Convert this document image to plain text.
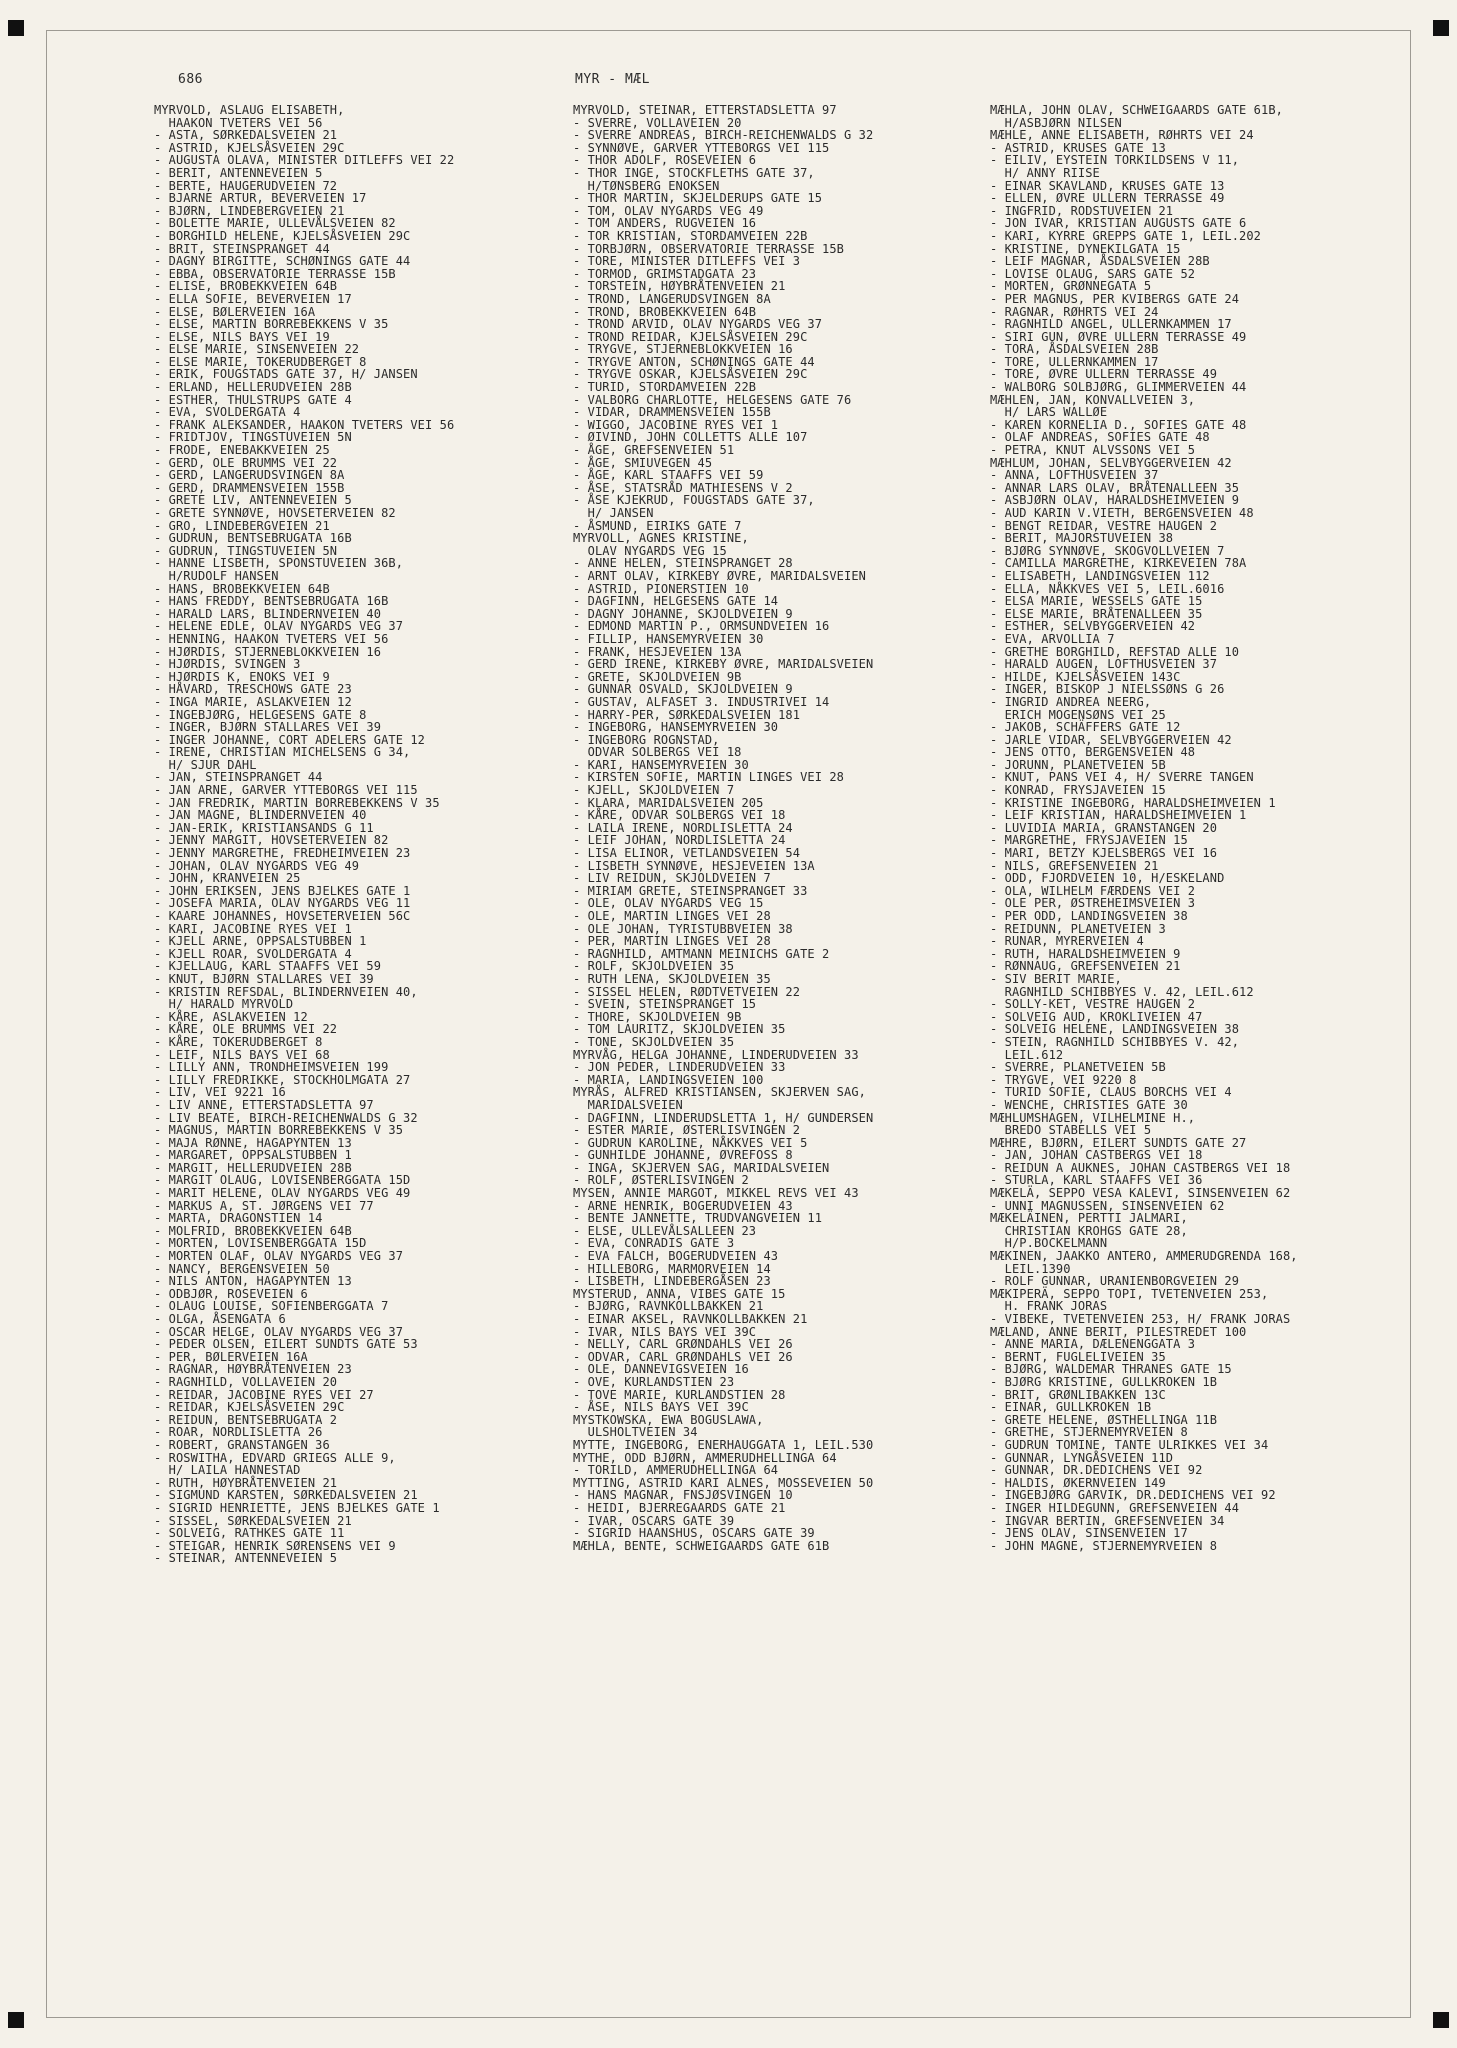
686	MYR - MÆL
MYRVOLD, ASLAUG ELISABETH,
HAAKON TVETERS VEI 56
- ASTA, SØRKEDALSVEIEN 21
- ASTRID, KJELSÅSVEIEN 29C
- AUGUSTA OLAVA, MINISTER DITLEFFS VEI 22
- BERIT, ANTENNEVEIEN 5
- BERTE, HAUGERUDVEIEN 72
- BJARNE ARTUR, BEVERVEIEN 17
- BJØRN, LINDEBERGVEIEN 21
- BOLETTE MARIE, ULLEVÅLSVEIEN 82
- BORGHILD HELENE, KJELSÅSVEIEN 29C
- BRIT, STEINSPRANGET 44
- DAGNY BIRGITTE, SCHØNINGS GATE 44
- EBBA, OBSERVATORIE TERRASSE 15B
- ELISE, BROBEKKVEIEN 64B
- ELLA SOFIE, BEVERVEIEN 17
- ELSE, BØLERVEIEN 16A
- ELSE, MARTIN BORREBEKKENS V 35
- ELSE, NILS BAYS VEI 19
- ELSE MARIE, SINSENVEIEN 22
- ELSE MARIE, TOKERUDBERGET 8
- ERIK, FOUGSTADS GATE 37, H/ JANSEN
- ERLAND, HELLERUDVEIEN 28B
- ESTHER, THULSTRUPS GATE 4
- EVA, SVOLDERGATA 4
- FRANK ALEKSANDER, HAAKON TVETERS VEI 56
- FRIDTJOV, TINGSTUVEIEN 5N
- FRODE, ENEBAKKVEIEN 25
- GERD, OLE BRUMMS VEI 22
- GERD, LANGERUDSVINGEN 8A
- GERD, DRAMMENSVEIEN 155B
- GRETE LIV, ANTENNEVEIEN 5
- GRETE SYNNØVE, HOVSETERVEIEN 82
- GRO, LINDEBERGVEIEN 21
- GUDRUN, BENTSEBRUGATA 16B
- GUDRUN, TINGSTUVEIEN 5N
- HANNE LISBETH, SPONSTUVEIEN 36B,
H/RUDOLF HANSEN
- HANS, BROBEKKVEIEN 64B
- HANS FREDDY, BENTSEBRUGATA 16B
- HARALD LARS, BLINDERNVEIEN 40
- HELENE EDLE, OLAV NYGARDS VEG 37
- HENNING, HAAKON TVETERS VEI 56
- HJØRDIS, STJERNEBLOKKVEIEN 16
- HJØRDIS, SVINGEN 3
- HJØRDIS K, ENOKS VEI 9
- HÅVARD, TRESCHOWS GATE 23
- INGA MARIE, ASLAKVEIEN 12
- INGEBJØRG, HELGESENS GATE 8
- INGER, BJØRN STALLARES VEI 39
- INGER JOHANNE, CORT ADELERS GATE 12
- IRENE, CHRISTIAN MICHELSENS G 34,
H/ SJUR DAHL
- JAN, STEINSPRANGET 44
- JAN ARNE, GARVER YTTEBORGS VEI 115
- JAN FREDRIK, MARTIN BORREBEKKENS V 35
- JAN MAGNE, BLINDERNVEIEN 40
- JAN-ERIK, KRISTIANSANDS G 11
- JENNY MARGIT, HOVSETERVEIEN 82
- JENNY MARGRETHE, FREDHEIMVEIEN 23
- JOHAN, OLAV NYGARDS VEG 49
- JOHN, KRANVEIEN 25
- JOHN ERIKSEN, JENS BJELKES GATE 1
- JOSEFA MARIA, OLAV NYGARDS VEG 11
- KAARE JOHANNES, HOVSETERVEIEN 56C
- KARI, JACOBINE RYES VEI 1
- KJELL ARNE, OPPSALSTUBBEN 1
- KJELL ROAR, SVOLDERGATA 4
- KJELLAUG, KARL STAAFFS VEI 59
- KNUT, BJØRN STALLARES VEI 39
- KRISTIN REFSDAL, BLINDERNVEIEN 40,
H/ HARALD MYRVOLD
- KÅRE, ASLAKVEIEN 12
- KÅRE, OLE BRUMMS VEI 22
- KÅRE, TOKERUDBERGET 8
- LEIF, NILS BAYS VEI 68
- LILLY ANN, TRONDHEIMSVEIEN 199
- LILLY FREDRIKKE, STOCKHOLMGATA 27
- LIV, VEI 9221 16
- LIV ANNE, ETTERSTADSLETTA 97
- LIV BEATE, BIRCH-REICHENWALDS G 32
- MAGNUS, MARTIN BORREBEKKENS V 35
- MAJA RØNNE, HAGAPYNTEN 13
- MARGARET, OPPSALSTUBBEN 1
- MARGIT, HELLERUDVEIEN 28B
- MARGIT OLAUG, LOVISENBERGGATA 15D
- MARIT HELENE, OLAV NYGARDS VEG 49
- MARKUS A, ST. JØRGENS VEI 77
- MARTA, DRAGONSTIEN 14
- MOLFRID, BROBEKKVEIEN 64B
- MORTEN, LOVISENBERGGATA 15D
- MORTEN OLAF, OLAV NYGARDS VEG 37
- NANCY, BERGENSVEIEN 50
- NILS ANTON, HAGAPYNTEN 13
- ODBJØR, ROSEVEIEN 6
- OLAUG LOUISE, SOFIENBERGGATA 7
- OLGA, ÅSENGATA 6
- OSCAR HELGE, OLAV NYGARDS VEG 37
- PEDER OLSEN, EILERT SUNDTS GATE 53
- PER, BØLERVEIEN 16A
- RAGNAR, HØYBRÅTENVEIEN 23
- RAGNHILD, VOLLAVEIEN 20
- REIDAR, JACOBINE RYES VEI 27
- REIDAR, KJELSÅSVEIEN 29C
- REIDUN, BENTSEBRUGATA 2
- ROAR, NORDLISLETTA 26
- ROBERT, GRANSTANGEN 36
- ROSWITHA, EDVARD GRIEGS ALLE 9,
H/ LAILA HANNESTAD
- RUTH, HØYBRÅTENVEIEN 21
- SIGMUND KARSTEN, SØRKEDALSVEIEN 21
- SIGRID HENRIETTE, JENS BJELKES GATE 1
- SISSEL, SØRKEDALSVEIEN 21
- SOLVEIG, RATHKES GATE 11
- STEIGAR, HENRIK SØRENSENS VEI 9
- STEINAR, ANTENNEVEIEN 5
MYRVOLD, STEINAR, ETTERSTADSLETTA 97
- SVERRE, VOLLAVEIEN 20
- SVERRE ANDREAS, BIRCH-REICHENWALDS G 32
- SYNNØVE, GARVER YTTEBORGS VEI 115
- THOR ADOLF, ROSEVEIEN 6
- THOR INGE, STOCKFLETHS GATE 37,
H/TØNSBERG ENOKSEN
- THOR MARTIN, SKJELDERUPS GATE 15
- TOM, OLAV NYGARDS VEG 49
- TOM ANDERS, RUGVEIEN 16
- TOR KRISTIAN, STORDAMVEIEN 22B
- TORBJØRN, OBSERVATORIE TERRASSE 15B
- TORE, MINISTER DITLEFFS VEI 3
- TORMOD, GRIMSTADGATA 23
- TORSTEIN, HØYBRÅTENVEIEN 21
- TROND, LANGERUDSVINGEN 8A
- TROND, BROBEKKVEIEN 64B
- TROND ARVID, OLAV NYGARDS VEG 37
- TROND REIDAR, KJELSÅSVEIEN 29C
- TRYGVE, STJERNEBLOKKVEIEN 16
- TRYGVE ANTON, SCHØNINGS GATE 44
- TRYGVE OSKAR, KJELSÅSVEIEN 29C
- TURID, STORDAMVEIEN 22B
- VALBORG CHARLOTTE, HELGESENS GATE 76
- VIDAR, DRAMMENSVEIEN 155B
- WIGGO, JACOBINE RYES VEI 1
- ØIVIND, JOHN COLLETTS ALLE 107
- ÅGE, GREFSENVEIEN 51
- ÅGE, SMIUVEGEN 45
- ÅGE, KARL STAAFFS VEI 59
- ÅSE, STATSRÅD MATHIESENS V 2
- ÅSE KJEKRUD, FOUGSTADS GATE 37,
H/ JANSEN
- ÅSMUND, EIRIKS GATE 7
MYRVOLL, AGNES KRISTINE,
OLAV NYGARDS VEG 15
- ANNE HELEN, STEINSPRANGET 28
- ARNT OLAV, KIRKEBY ØVRE, MARIDALSVEIEN
- ASTRID, PIONERSTIEN 10
- DAGFINN, HELGESENS GATE 14
- DAGNY JOHANNE, SKJOLDVEIEN 9
- EDMOND MARTIN P., ORMSUNDVEIEN 16
- FILLIP, HANSEMYRVEIEN 30
- FRANK, HESJEVEIEN 13A
- GERD IRENE, KIRKEBY ØVRE, MARIDALSVEIEN
- GRETE, SKJOLDVEIEN 9B
- GUNNAR OSVALD, SKJOLDVEIEN 9
- GUSTAV, ALFASET 3. INDUSTRIVEI 14
- HARRY-PER, SØRKEDALSVEIEN 181
- INGEBORG, HANSEMYRVEIEN 30
- INGEBORG ROGNSTAD,
ODVAR SOLBERGS VEI 18
- KARI, HANSEMYRVEIEN 30
- KIRSTEN SOFIE, MARTIN LINGES VEI 28
- KJELL, SKJOLDVEIEN 7
- KLARA, MARIDALSVEIEN 205
- KÅRE, ODVAR SOLBERGS VEI 18
- LAILA IRENE, NORDLISLETTA 24
- LEIF JOHAN, NORDLISLETTA 24
- LISA ELINOR, VETLANDSVEIEN 54
- LISBETH SYNNØVE, HESJEVEIEN 13A
- LIV REIDUN, SKJOLDVEIEN 7
- MIRIAM GRETE, STEINSPRANGET 33
- OLE, OLAV NYGARDS VEG 15
- OLE, MARTIN LINGES VEI 28
- OLE JOHAN, TYRISTUBBVEIEN 38
- PER, MARTIN LINGES VEI 28
- RAGNHILD, AMTMANN MEINICHS GATE 2
- ROLF, SKJOLDVEIEN 35
- RUTH LENA, SKJOLDVEIEN 35
- SISSEL HELEN, RØDTVETVEIEN 22
- SVEIN, STEINSPRANGET 15
- THORE, SKJOLDVEIEN 9B
- TOM LAURITZ, SKJOLDVEIEN 35
- TONE, SKJOLDVEIEN 35
MYRVÅG, HELGA JOHANNE, LINDERUDVEIEN 33
- JON PEDER, LINDERUDVEIEN 33
- MARIA, LANDINGSVEIEN 100
MYRÅS, ALFRED KRISTIANSEN, SKJERVEN SAG,
MARIDALSVEIEN
- DAGFINN, LINDERUDSLETTA 1, H/ GUNDERSEN
- ESTER MARIE, ØSTERLISVINGEN 2
- GUDRUN KAROLINE, NÅKKVES VEI 5
- GUNHILDE JOHANNE, ØVREFOSS 8
- INGA, SKJERVEN SAG, MARIDALSVEIEN
- ROLF, ØSTERLISVINGEN 2
MYSEN, ANNIE MARGOT, MIKKEL REVS VEI 43
- ARNE HENRIK, BOGERUDVEIEN 43
- BENTE JANNETTE, TRUDVANGVEIEN 11
- ELSE, ULLEVÅLSALLEEN 23
- EVA, CONRADIS GATE 3
- EVA FALCH, BOGERUDVEIEN 43
- HILLEBORG, MARMORVEIEN 14
- LISBETH, LINDEBERGÅSEN 23
MYSTERUD, ANNA, VIBES GATE 15
- BJØRG, RAVNKOLLBAKKEN 21
- EINAR AKSEL, RAVNKOLLBAKKEN 21
- IVAR, NILS BAYS VEI 39C
- NELLY, CARL GRØNDAHLS VEI 26
- ODVAR, CARL GRØNDAHLS VEI 26
- OLE, DANNEVIGSVEIEN 16
- OVE, KURLANDSTIEN 23
- TOVE MARIE, KURLANDSTIEN 28
- ÅSE, NILS BAYS VEI 39C
MYSTKOWSKA, EWA BOGUSLAWA,
ULSHOLTVEIEN 34
MYTTE, INGEBORG, ENERHAUGGATA 1, LEIL.530
MYTHE, ODD BJØRN, AMMERUDHELLINGA 64
- TORILD, AMMERUDHELLINGA 64
MYTTING, ASTRID KARI ALNES, MOSSEVEIEN 50
- HANS MAGNAR, FNSJØSVINGEN 10
- HEIDI, BJERREGAARDS GATE 21
- IVAR, OSCARS GATE 39
- SIGRID HAANSHUS, OSCARS GATE 39
MÆHLA, BENTE, SCHWEIGAARDS GATE 61B
MÆHLA, JOHN OLAV, SCHWEIGAARDS GATE 61B,
H/ASBJØRN NILSEN
MÆHLE, ANNE ELISABETH, RØHRTS VEI 24
- ASTRID, KRUSES GATE 13
- EILIV, EYSTEIN TORKILDSENS V 11,
H/ ANNY RIISE
- EINAR SKAVLAND, KRUSES GATE 13
- ELLEN, ØVRE ULLERN TERRASSE 49
- INGFRID, RODSTUVEIEN 21
- JON IVAR, KRISTIAN AUGUSTS GATE 6
- KARI, KYRRE GREPPS GATE 1, LEIL.202
- KRISTINE, DYNEKILGATA 15
- LEIF MAGNAR, ÅSDALSVEIEN 28B
- LOVISE OLAUG, SARS GATE 52
- MORTEN, GRØNNEGATA 5
- PER MAGNUS, PER KVIBERGS GATE 24
- RAGNAR, RØHRTS VEI 24
- RAGNHILD ANGEL, ULLERNKAMMEN 17
- SIRI GUN, ØVRE ULLERN TERRASSE 49
- TORA, ÅSDALSVEIEN 28B
- TORE, ULLERNKAMMEN 17
- TORE, ØVRE ULLERN TERRASSE 49
- WALBORG SOLBJØRG, GLIMMERVEIEN 44
MÆHLEN, JAN, KONVALLVEIEN 3,
H/ LARS WALLØE
- KAREN KORNELIA D., SOFIES GATE 48
- OLAF ANDREAS, SOFIES GATE 48
- PETRA, KNUT ALVSSONS VEI 5
MÆHLUM, JOHAN, SELVBYGGERVEIEN 42
- ANNA, LOFTHUSVEIEN 37
- ANNAR LARS OLAV, BRÅTENALLEEN 35
- ASBJØRN OLAV, HARALDSHEIMVEIEN 9
- AUD KARIN V.VIETH, BERGENSVEIEN 48
- BENGT REIDAR, VESTRE HAUGEN 2
- BERIT, MAJORSTUVEIEN 38
- BJØRG SYNNØVE, SKOGVOLLVEIEN 7
- CAMILLA MARGRETHE, KIRKEVEIEN 78A
- ELISABETH, LANDINGSVEIEN 112
- ELLA, NÅKKVES VEI 5, LEIL.6016
- ELSA MARIE, WESSELS GATE 15
- ELSE MARIE, BRÅTENALLEEN 35
- ESTHER, SELVBYGGERVEIEN 42
- EVA, ARVOLLIA 7
- GRETHE BORGHILD, REFSTAD ALLE 10
- HARALD AUGEN, LOFTHUSVEIEN 37
- HILDE, KJELSÅSVEIEN 143C
- INGER, BISKOP J NIELSSØNS G 26
- INGRID ANDREA NEERG,
ERICH MOGENSØNS VEI 25
- JAKOB, SCHÄFFERS GATE 12
- JARLE VIDAR, SELVBYGGERVEIEN 42
- JENS OTTO, BERGENSVEIEN 48
- JORUNN, PLANETVEIEN 5B
- KNUT, PANS VEI 4, H/ SVERRE TANGEN
- KONRAD, FRYSJAVEIEN 15
- KRISTINE INGEBORG, HARALDSHEIMVEIEN 1
- LEIF KRISTIAN, HARALDSHEIMVEIEN 1
- LUVIDIA MARIA, GRANSTANGEN 20
- MARGRETHE, FRYSJAVEIEN 15
- MARI, BETZY KJELSBERGS VEI 16
- NILS, GREFSENVEIEN 21
- ODD, FJORDVEIEN 10, H/ESKELAND
- OLA, WILHELM FÆRDENS VEI 2
- OLE PER, ØSTREHEIMSVEIEN 3
- PER ODD, LANDINGSVEIEN 38
- REIDUNN, PLANETVEIEN 3
- RUNAR, MYRERVEIEN 4
- RUTH, HARALDSHEIMVEIEN 9
- RØNNAUG, GREFSENVEIEN 21
- SIV BERIT MARIE,
RAGNHILD SCHIBBYES V. 42, LEIL.612
- SOLLY-KET, VESTRE HAUGEN 2
- SOLVEIG AUD, KROKLIVEIEN 47
- SOLVEIG HELENE, LANDINGSVEIEN 38
- STEIN, RAGNHILD SCHIBBYES V. 42,
LEIL.612
- SVERRE, PLANETVEIEN 5B
- TRYGVE, VEI 9220 8
- TURID SOFIE, CLAUS BORCHS VEI 4
- WENCHE, CHRISTIES GATE 30
MÆHLUMSHAGEN, VILHELMINE H.,
BREDO STABELLS VEI 5
MÆHRE, BJØRN, EILERT SUNDTS GATE 27
- JAN, JOHAN CASTBERGS VEI 18
- REIDUN A AUKNES, JOHAN CASTBERGS VEI 18
- STURLA, KARL STAAFFS VEI 36
MÆKELÄ, SEPPO VESA KALEVI, SINSENVEIEN 62
- UNNI MAGNUSSEN, SINSENVEIEN 62
MÆKELÄINEN, PERTTI JALMARI,
CHRISTIAN KROHGS GATE 28,
H/P.BOCKELMANN
MÆKINEN, JAAKKO ANTERO, AMMERUDGRENDA 168,
LEIL.1390
- ROLF GUNNAR, URANIENBORGVEIEN 29
MÆKIPERÄ, SEPPO TOPI, TVETENVEIEN 253,
H. FRANK JORAS
- VIBEKE, TVETENVEIEN 253, H/ FRANK JORAS
MÆLAND, ANNE BERIT, PILESTREDET 100
- ANNE MARIA, DÆLENENGGATA 3
- BERNT, FUGLELIVEIEN 35
- BJØRG, WALDEMAR THRANES GATE 15
- BJØRG KRISTINE, GULLKROKEN 1B
- BRIT, GRØNLIBAKKEN 13C
- EINAR, GULLKROKEN 1B
- GRETE HELENE, ØSTHELLINGA 11B
- GRETHE, STJERNEMYRVEIEN 8
- GUDRUN TOMINE, TANTE ULRIKKES VEI 34
- GUNNAR, LYNGÅSVEIEN 11D
- GUNNAR, DR.DEDICHENS VEI 92
- HALDIS, ØKERNVEIEN 149
- INGEBJØRG GARVIK, DR.DEDICHENS VEI 92
- INGER HILDEGUNN, GREFSENVEIEN 44
- INGVAR BERTIN, GREFSENVEIEN 34
- JENS OLAV, SINSENVEIEN 17
- JOHN MAGNE, STJERNEMYRVEIEN 8
